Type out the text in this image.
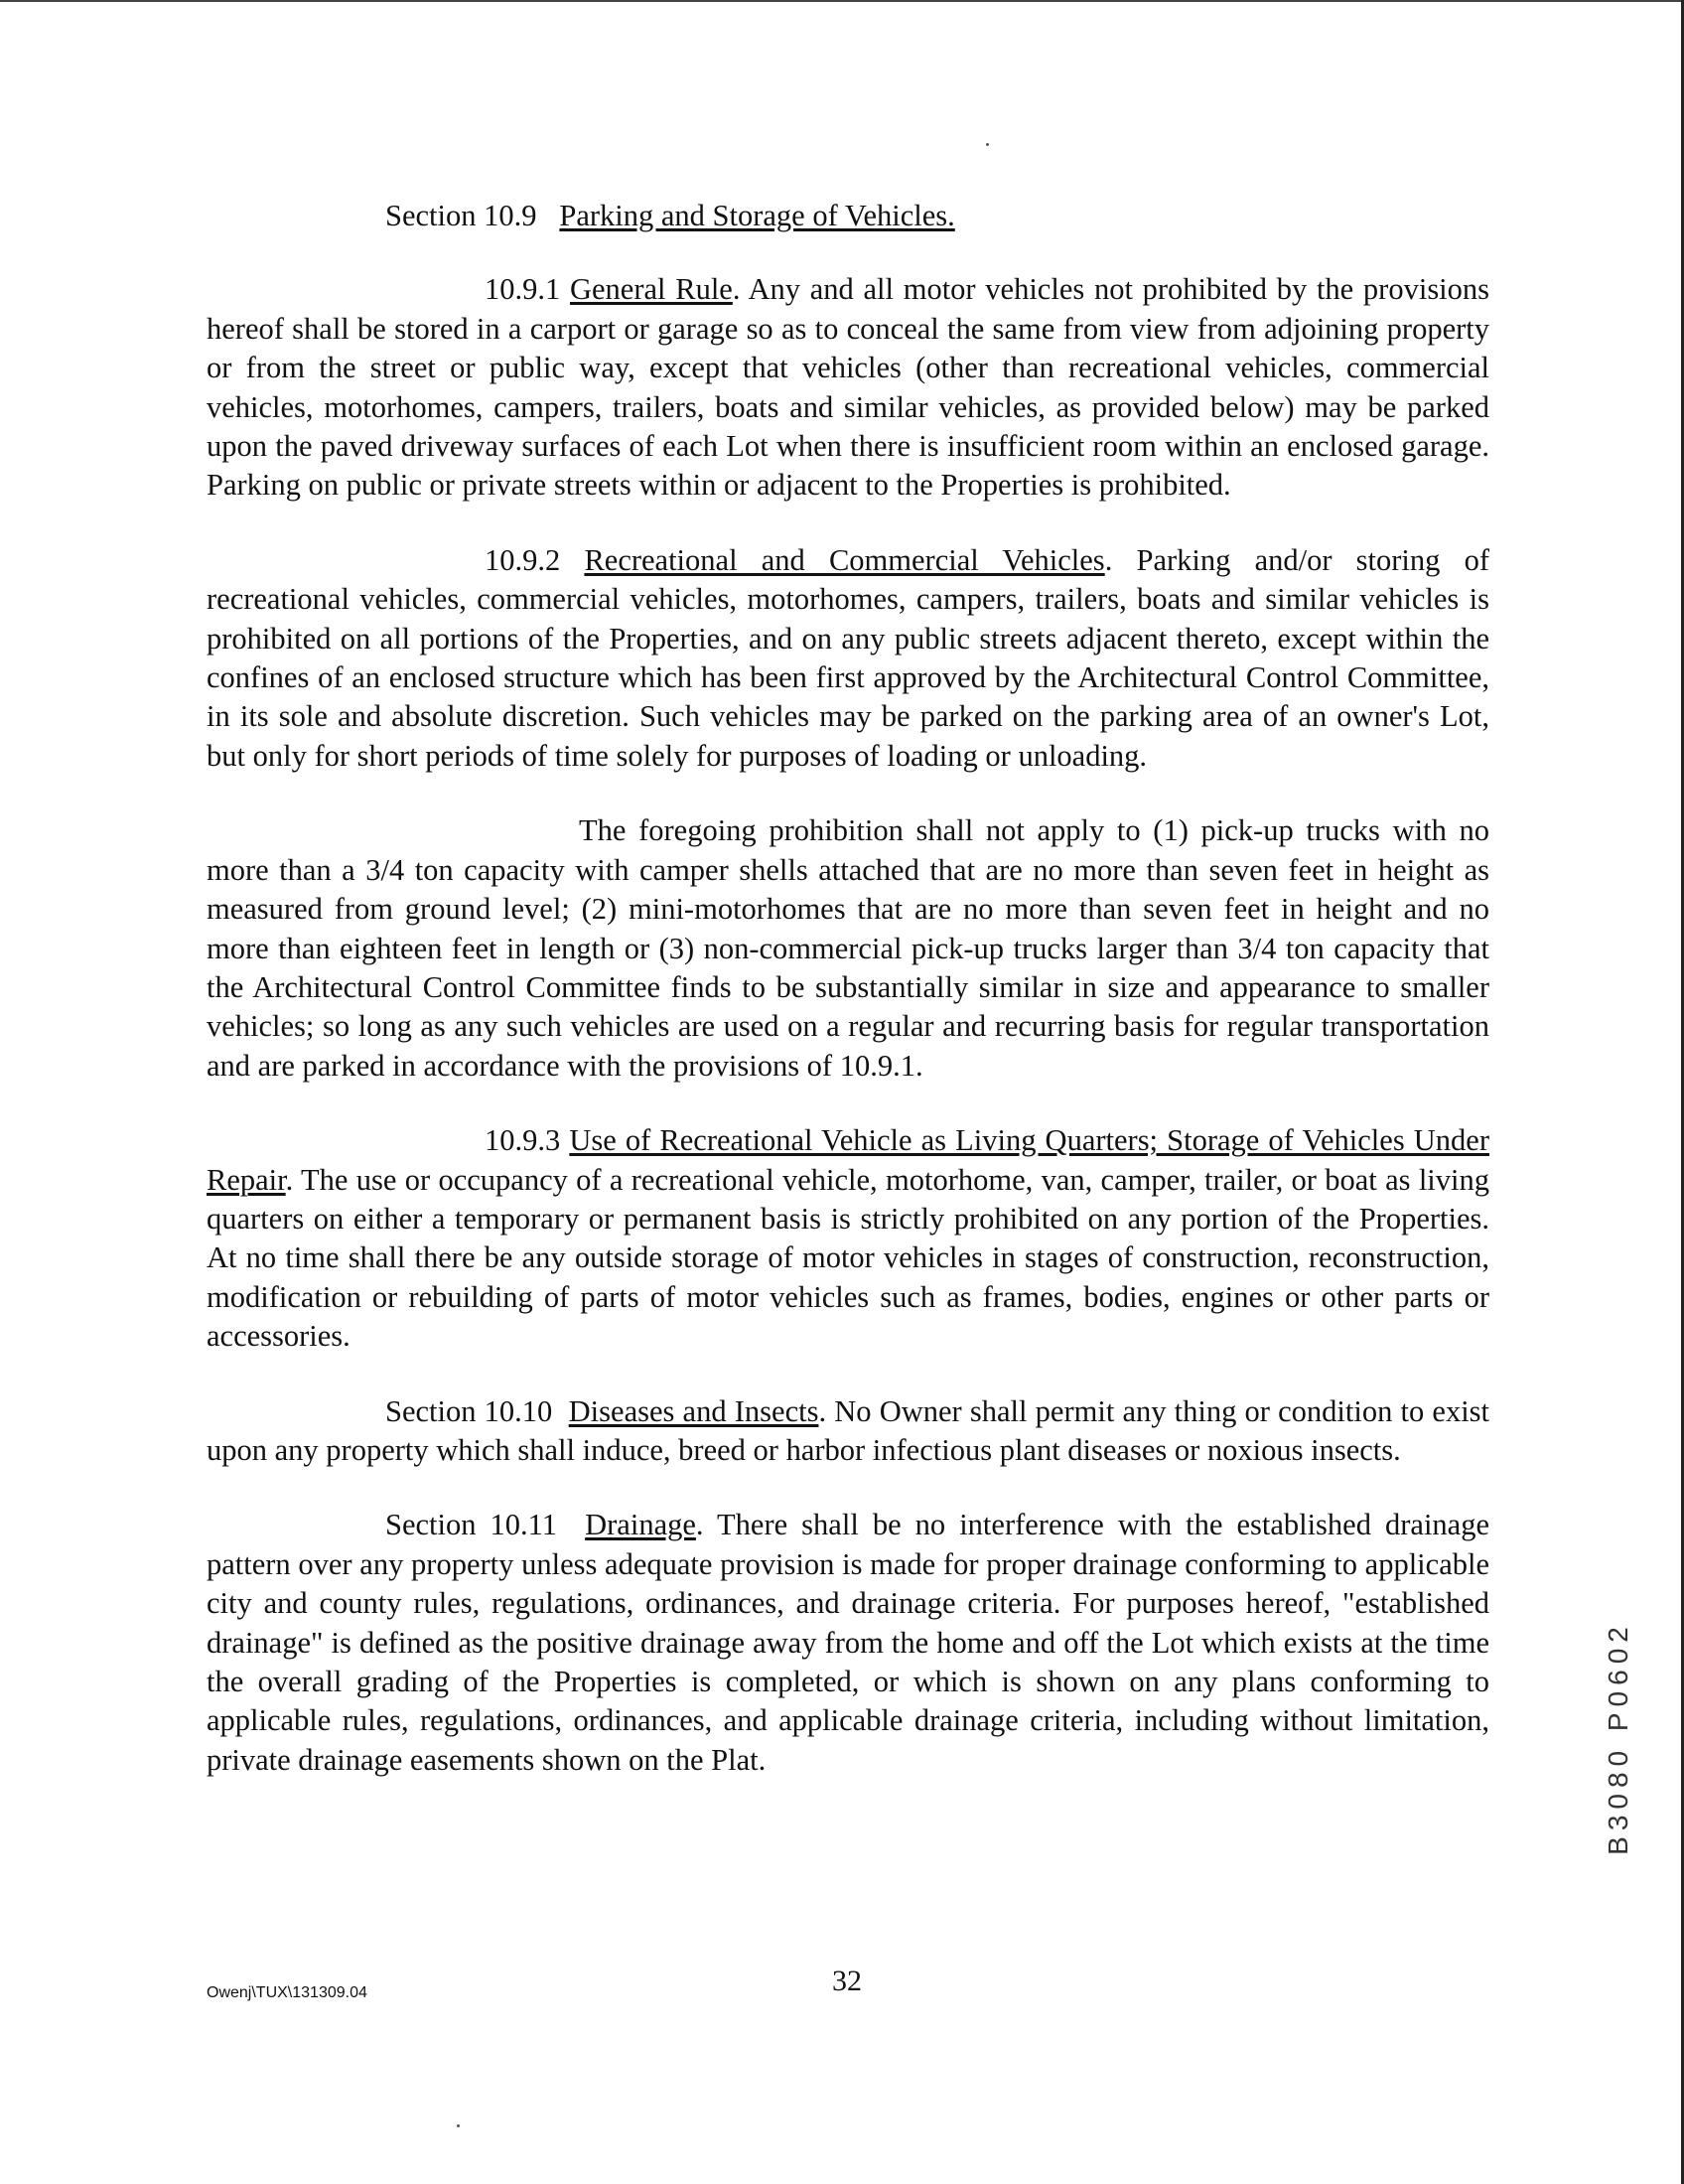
Section 10.9 Parking and Storage of Vehicles.

10.9.1 General Rule. Any and all motor vehicles not prohibited by the provisions hereof shall be stored in a carport or garage so as to conceal the same from view from adjoining property or from the street or public way, except that vehicles (other than recreational vehicles, commercial vehicles, motorhomes, campers, trailers, boats and similar vehicles, as provided below) may be parked upon the paved driveway surfaces of each Lot when there is insufficient room within an enclosed garage. Parking on public or private streets within or adjacent to the Properties is prohibited.

10.9.2 Recreational and Commercial Vehicles. Parking and/or storing of recreational vehicles, commercial vehicles, motorhomes, campers, trailers, boats and similar vehicles is prohibited on all portions of the Properties, and on any public streets adjacent thereto, except within the confines of an enclosed structure which has been first approved by the Architectural Control Committee, in its sole and absolute discretion. Such vehicles may be parked on the parking area of an owner's Lot, but only for short periods of time solely for purposes of loading or unloading.

The foregoing prohibition shall not apply to (1) pick-up trucks with no more than a 3/4 ton capacity with camper shells attached that are no more than seven feet in height as measured from ground level; (2) mini-motorhomes that are no more than seven feet in height and no more than eighteen feet in length or (3) non-commercial pick-up trucks larger than 3/4 ton capacity that the Architectural Control Committee finds to be substantially similar in size and appearance to smaller vehicles; so long as any such vehicles are used on a regular and recurring basis for regular transportation and are parked in accordance with the provisions of 10.9.1.

10.9.3 Use of Recreational Vehicle as Living Quarters; Storage of Vehicles Under Repair. The use or occupancy of a recreational vehicle, motorhome, van, camper, trailer, or boat as living quarters on either a temporary or permanent basis is strictly prohibited on any portion of the Properties. At no time shall there be any outside storage of motor vehicles in stages of construction, reconstruction, modification or rebuilding of parts of motor vehicles such as frames, bodies, engines or other parts or accessories.

Section 10.10 Diseases and Insects. No Owner shall permit any thing or condition to exist upon any property which shall induce, breed or harbor infectious plant diseases or noxious insects.

Section 10.11 Drainage. There shall be no interference with the established drainage pattern over any property unless adequate provision is made for proper drainage conforming to applicable city and county rules, regulations, ordinances, and drainage criteria. For purposes hereof, "established drainage" is defined as the positive drainage away from the home and off the Lot which exists at the time the overall grading of the Properties is completed, or which is shown on any plans conforming to applicable rules, regulations, ordinances, and applicable drainage criteria, including without limitation, private drainage easements shown on the Plat.

Owenj\TUX\131309.04	32
B3080 P0602
